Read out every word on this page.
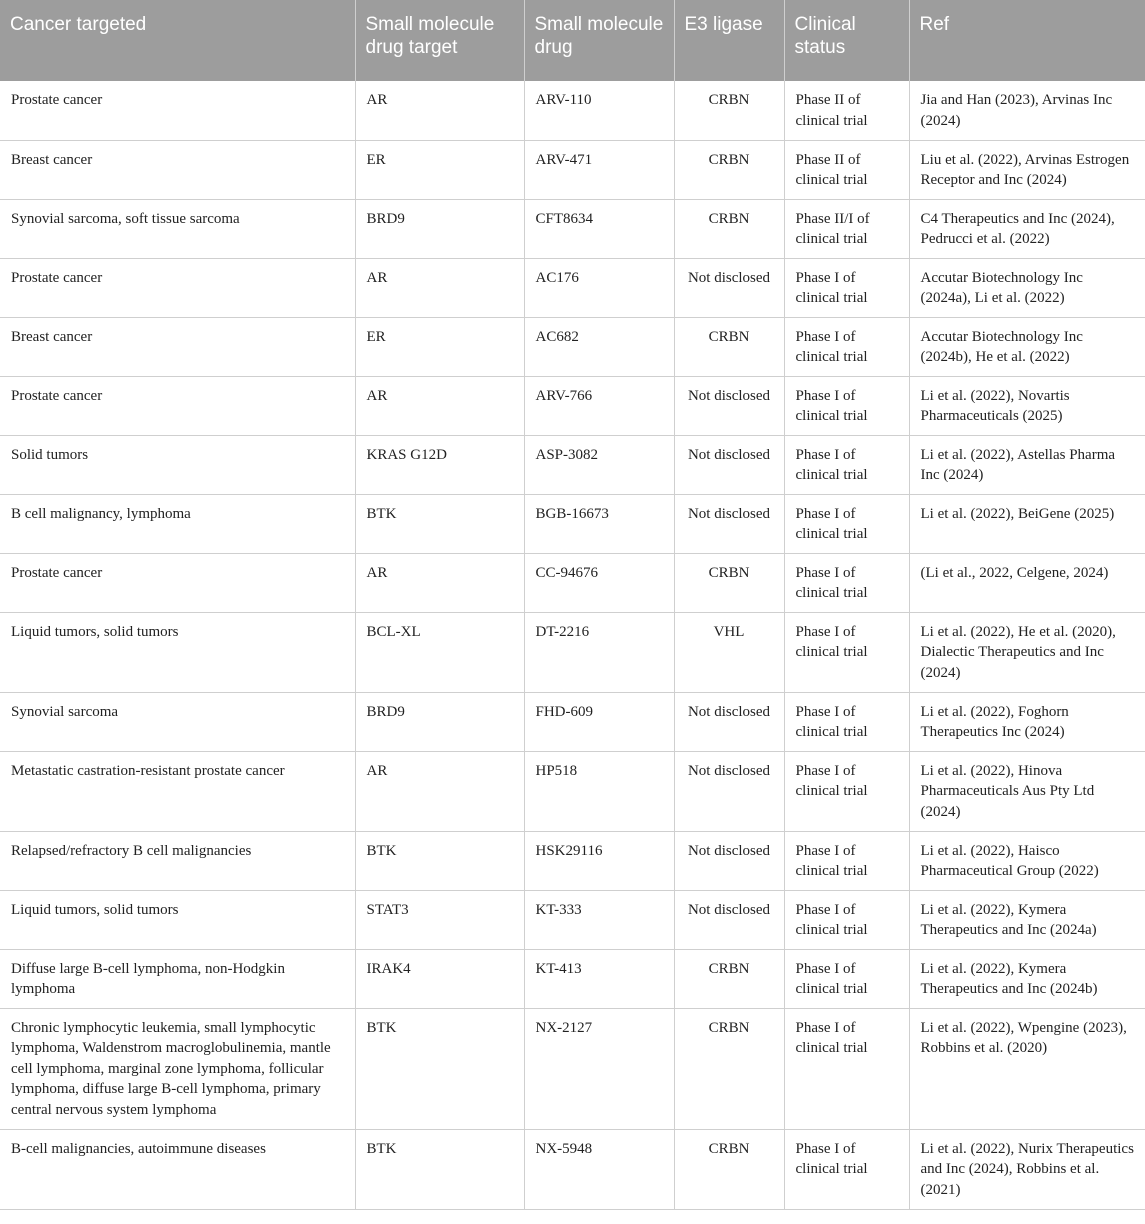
Cancer targeted	Small molecule drug target	Small molecule drug	E3 ligase	Clinical status	Ref
Prostate cancer	AR	ARV-110	CRBN	Phase II of clinical trial	Jia and Han (2023), Arvinas Inc (2024)
Breast cancer	ER	ARV-471	CRBN	Phase II of clinical trial	Liu et al. (2022), Arvinas Estrogen Receptor and Inc (2024)
Synovial sarcoma, soft tissue sarcoma	BRD9	CFT8634	CRBN	Phase II/I of clinical trial	C4 Therapeutics and Inc (2024), Pedrucci et al. (2022)
Prostate cancer	AR	AC176	Not disclosed	Phase I of clinical trial	Accutar Biotechnology Inc (2024a), Li et al. (2022)
Breast cancer	ER	AC682	CRBN	Phase I of clinical trial	Accutar Biotechnology Inc (2024b), He et al. (2022)
Prostate cancer	AR	ARV-766	Not disclosed	Phase I of clinical trial	Li et al. (2022), Novartis Pharmaceuticals (2025)
Solid tumors	KRAS G12D	ASP-3082	Not disclosed	Phase I of clinical trial	Li et al. (2022), Astellas Pharma Inc (2024)
B cell malignancy, lymphoma	BTK	BGB-16673	Not disclosed	Phase I of clinical trial	Li et al. (2022), BeiGene (2025)
Prostate cancer	AR	CC-94676	CRBN	Phase I of clinical trial	(Li et al., 2022, Celgene, 2024)
Liquid tumors, solid tumors	BCL-XL	DT-2216	VHL	Phase I of clinical trial	Li et al. (2022), He et al. (2020), Dialectic Therapeutics and Inc (2024)
Synovial sarcoma	BRD9	FHD-609	Not disclosed	Phase I of clinical trial	Li et al. (2022), Foghorn Therapeutics Inc (2024)
Metastatic castration-resistant prostate cancer	AR	HP518	Not disclosed	Phase I of clinical trial	Li et al. (2022), Hinova Pharmaceuticals Aus Pty Ltd (2024)
Relapsed/refractory B cell malignancies	BTK	HSK29116	Not disclosed	Phase I of clinical trial	Li et al. (2022), Haisco Pharmaceutical Group (2022)
Liquid tumors, solid tumors	STAT3	KT-333	Not disclosed	Phase I of clinical trial	Li et al. (2022), Kymera Therapeutics and Inc (2024a)
Diffuse large B-cell lymphoma, non-Hodgkin lymphoma	IRAK4	KT-413	CRBN	Phase I of clinical trial	Li et al. (2022), Kymera Therapeutics and Inc (2024b)
Chronic lymphocytic leukemia, small lymphocytic lymphoma, Waldenstrom macroglobulinemia, mantle cell lymphoma, marginal zone lymphoma, follicular lymphoma, diffuse large B-cell lymphoma, primary central nervous system lymphoma	BTK	NX-2127	CRBN	Phase I of clinical trial	Li et al. (2022), Wpengine (2023), Robbins et al. (2020)
B-cell malignancies, autoimmune diseases	BTK	NX-5948	CRBN	Phase I of clinical trial	Li et al. (2022), Nurix Therapeutics and Inc (2024), Robbins et al. (2021)
